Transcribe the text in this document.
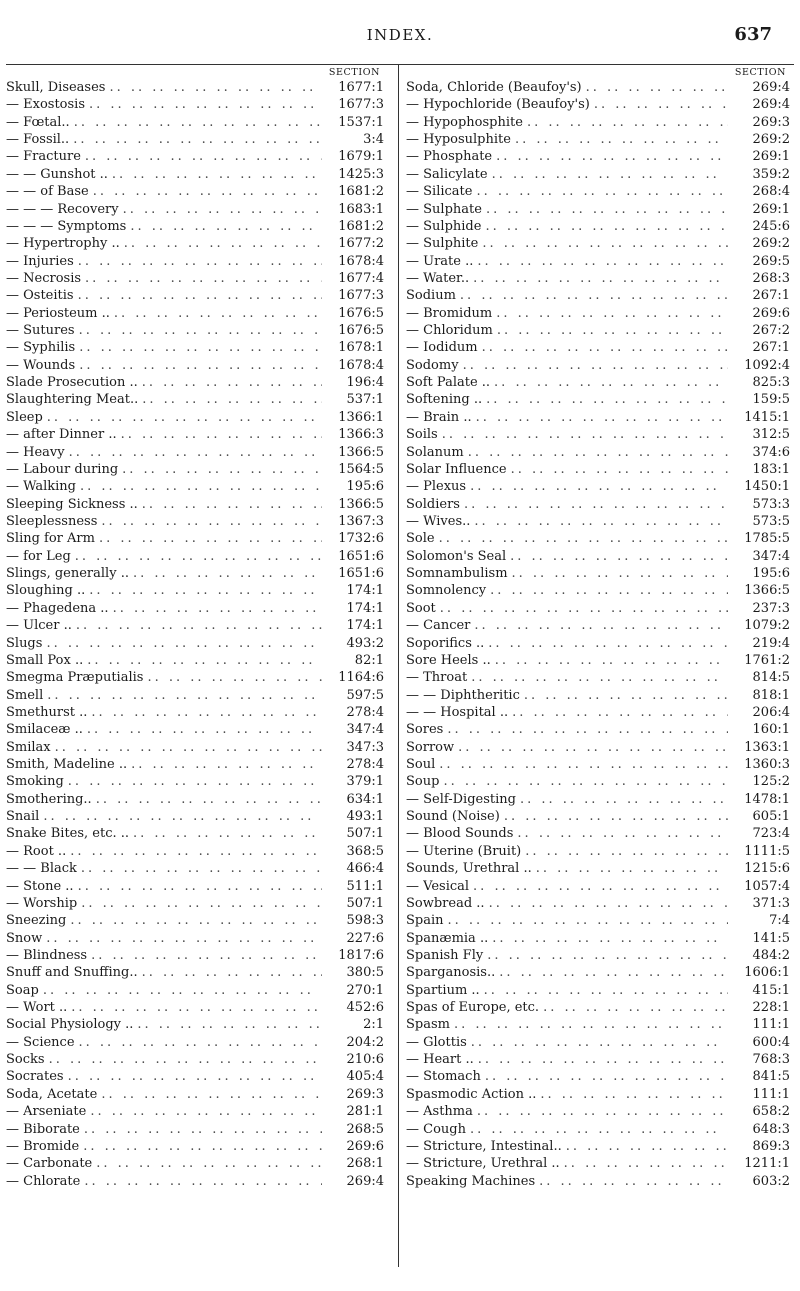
INDEX.	637
SECTION
Skull, Diseases .. ..	1677:1
— Exostosis .. ..	1677:3
— Fœtal.. .. ..	1537:1
— Fossil.. .. ..	3:4
— Fracture .. ..	1679:1
— — Gunshot .. .. ..	1425:3
— — of Base .. ..	1681:2
— — — Recovery .. ..	1683:1
— — — Symptoms .. ..	1681:2
— Hypertrophy .. .. ..	1677:2
— Injuries .. ..	1678:4
— Necrosis .. ..	1677:4
— Osteitis .. ..	1677:3
— Periosteum .. .. ..	1676:5
— Sutures .. ..	1676:5
— Syphilis .. ..	1678:1
— Wounds .. ..	1678:4
Slade Prosecution .. .. ..	196:4
Slaughtering Meat.. .. ..	537:1
Sleep .. ..	1366:1
— after Dinner .. .. ..	1366:3
— Heavy .. ..	1366:5
— Labour during .. ..	1564:5
— Walking .. ..	195:6
Sleeping Sickness .. .. ..	1366:5
Sleeplessness .. ..	1367:3
Sling for Arm .. ..	1732:6
— for Leg .. ..	1651:6
Slings, generally .. .. ..	1651:6
Sloughing .. .. ..	174:1
— Phagedena .. .. ..	174:1
— Ulcer .. .. ..	174:1
Slugs .. ..	493:2
Small Pox .. .. ..	82:1
Smegma Præputialis .. ..	1164:6
Smell .. ..	597:5
Smethurst .. .. ..	278:4
Smilaceæ .. .. ..	347:4
Smilax .. ..	347:3
Smith, Madeline .. .. ..	278:4
Smoking .. ..	379:1
Smothering.. .. ..	634:1
Snail .. ..	493:1
Snake Bites, etc. .. .. ..	507:1
— Root .. .. ..	368:5
— — Black .. ..	466:4
— Stone .. .. ..	511:1
— Worship .. ..	507:1
Sneezing .. ..	598:3
Snow .. ..	227:6
— Blindness .. ..	1817:6
Snuff and Snuffing.. .. ..	380:5
Soap .. ..	270:1
— Wort .. .. ..	452:6
Social Physiology .. .. ..	2:1
— Science .. ..	204:2
Socks .. ..	210:6
Socrates .. ..	405:4
Soda, Acetate .. ..	269:3
— Arseniate .. ..	281:1
— Biborate .. ..	268:5
— Bromide .. ..	269:6
— Carbonate .. ..	268:1
— Chlorate .. ..	269:4
SECTION
Soda, Chloride (Beaufoy's) .. ..	269:4
— Hypochloride (Beaufoy's) .. ..	269:4
— Hypophosphite .. ..	269:3
— Hyposulphite .. ..	269:2
— Phosphate .. ..	269:1
— Salicylate .. ..	359:2
— Silicate .. ..	268:4
— Sulphate .. ..	269:1
— Sulphide .. ..	245:6
— Sulphite .. ..	269:2
— Urate .. .. ..	269:5
— Water.. .. ..	268:3
Sodium .. ..	267:1
— Bromidum .. ..	269:6
— Chloridum .. ..	267:2
— Iodidum .. ..	267:1
Sodomy .. ..	1092:4
Soft Palate .. .. ..	825:3
Softening .. .. ..	159:5
— Brain .. .. ..	1415:1
Soils .. ..	312:5
Solanum .. ..	374:6
Solar Influence .. ..	183:1
— Plexus .. ..	1450:1
Soldiers .. ..	573:3
— Wives.. .. ..	573:5
Sole .. ..	1785:5
Solomon's Seal .. ..	347:4
Somnambulism .. ..	195:6
Somnolency .. ..	1366:5
Soot .. ..	237:3
— Cancer .. ..	1079:2
Soporifics .. .. ..	219:4
Sore Heels .. .. ..	1761:2
— Throat .. ..	814:5
— — Diphtheritic .. ..	818:1
— — Hospital .. .. ..	206:4
Sores .. ..	160:1
Sorrow .. ..	1363:1
Soul .. ..	1360:3
Soup .. ..	125:2
— Self-Digesting .. ..	1478:1
Sound (Noise) .. ..	605:1
— Blood Sounds .. ..	723:4
— Uterine (Bruit) .. ..	1111:5
Sounds, Urethral .. .. ..	1215:6
— Vesical .. ..	1057:4
Sowbread .. .. ..	371:3
Spain .. ..	7:4
Spanæmia .. .. ..	141:5
Spanish Fly .. ..	484:2
Sparganosis.. .. ..	1606:1
Spartium .. .. ..	415:1
Spas of Europe, etc. .. ..	228:1
Spasm .. ..	111:1
— Glottis .. ..	600:4
— Heart .. .. ..	768:3
— Stomach .. ..	841:5
Spasmodic Action .. .. ..	111:1
— Asthma .. ..	658:2
— Cough .. ..	648:3
— Stricture, Intestinal.. .. ..	869:3
— Stricture, Urethral .. .. ..	1211:1
Speaking Machines .. ..	603:2
